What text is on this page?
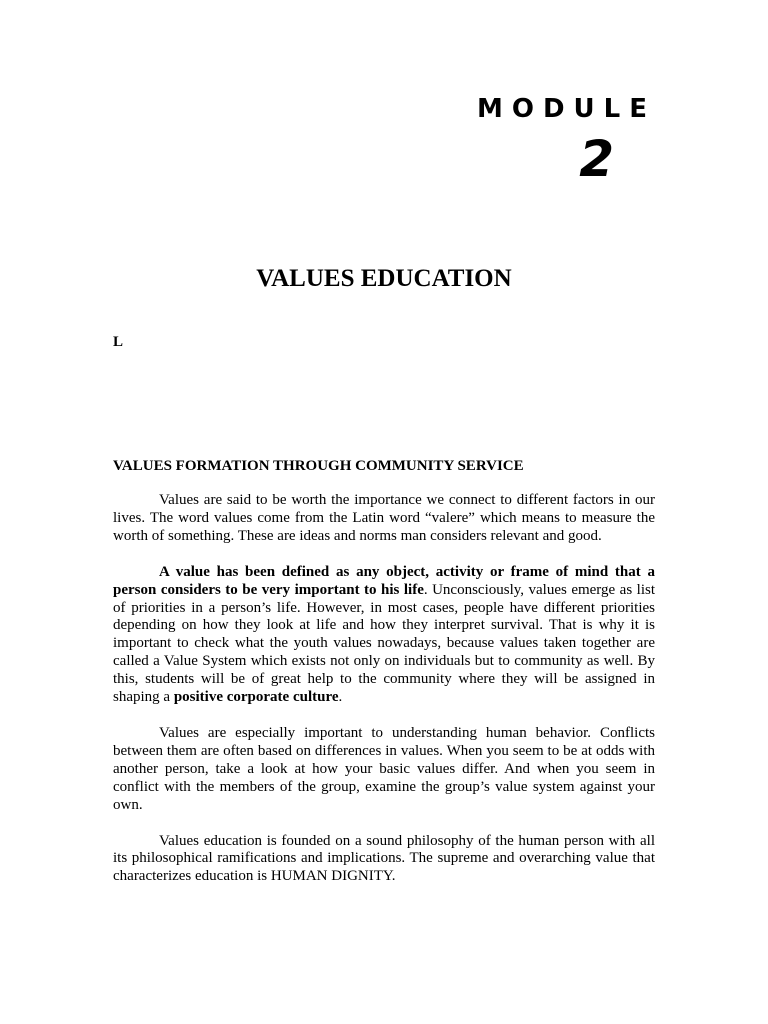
MODULE
2
VALUES EDUCATION
L
VALUES FORMATION THROUGH COMMUNITY SERVICE

Values are said to be worth the importance we connect to different factors in our lives. The word values come from the Latin word “valere” which means to measure the worth of something. These are ideas and norms man considers relevant and good.

A value has been defined as any object, activity or frame of mind that a person considers to be very important to his life. Unconsciously, values emerge as list of priorities in a person’s life. However, in most cases, people have different priorities depending on how they look at life and how they interpret survival. That is why it is important to check what the youth values nowadays, because values taken together are called a Value System which exists not only on individuals but to community as well. By this, students will be of great help to the community where they will be assigned in shaping a positive corporate culture.

Values are especially important to understanding human behavior. Conflicts between them are often based on differences in values. When you seem to be at odds with another person, take a look at how your basic values differ. And when you seem in conflict with the members of the group, examine the group’s value system against your own.

Values education is founded on a sound philosophy of the human person with all its philosophical ramifications and implications. The supreme and overarching value that characterizes education is HUMAN DIGNITY.
